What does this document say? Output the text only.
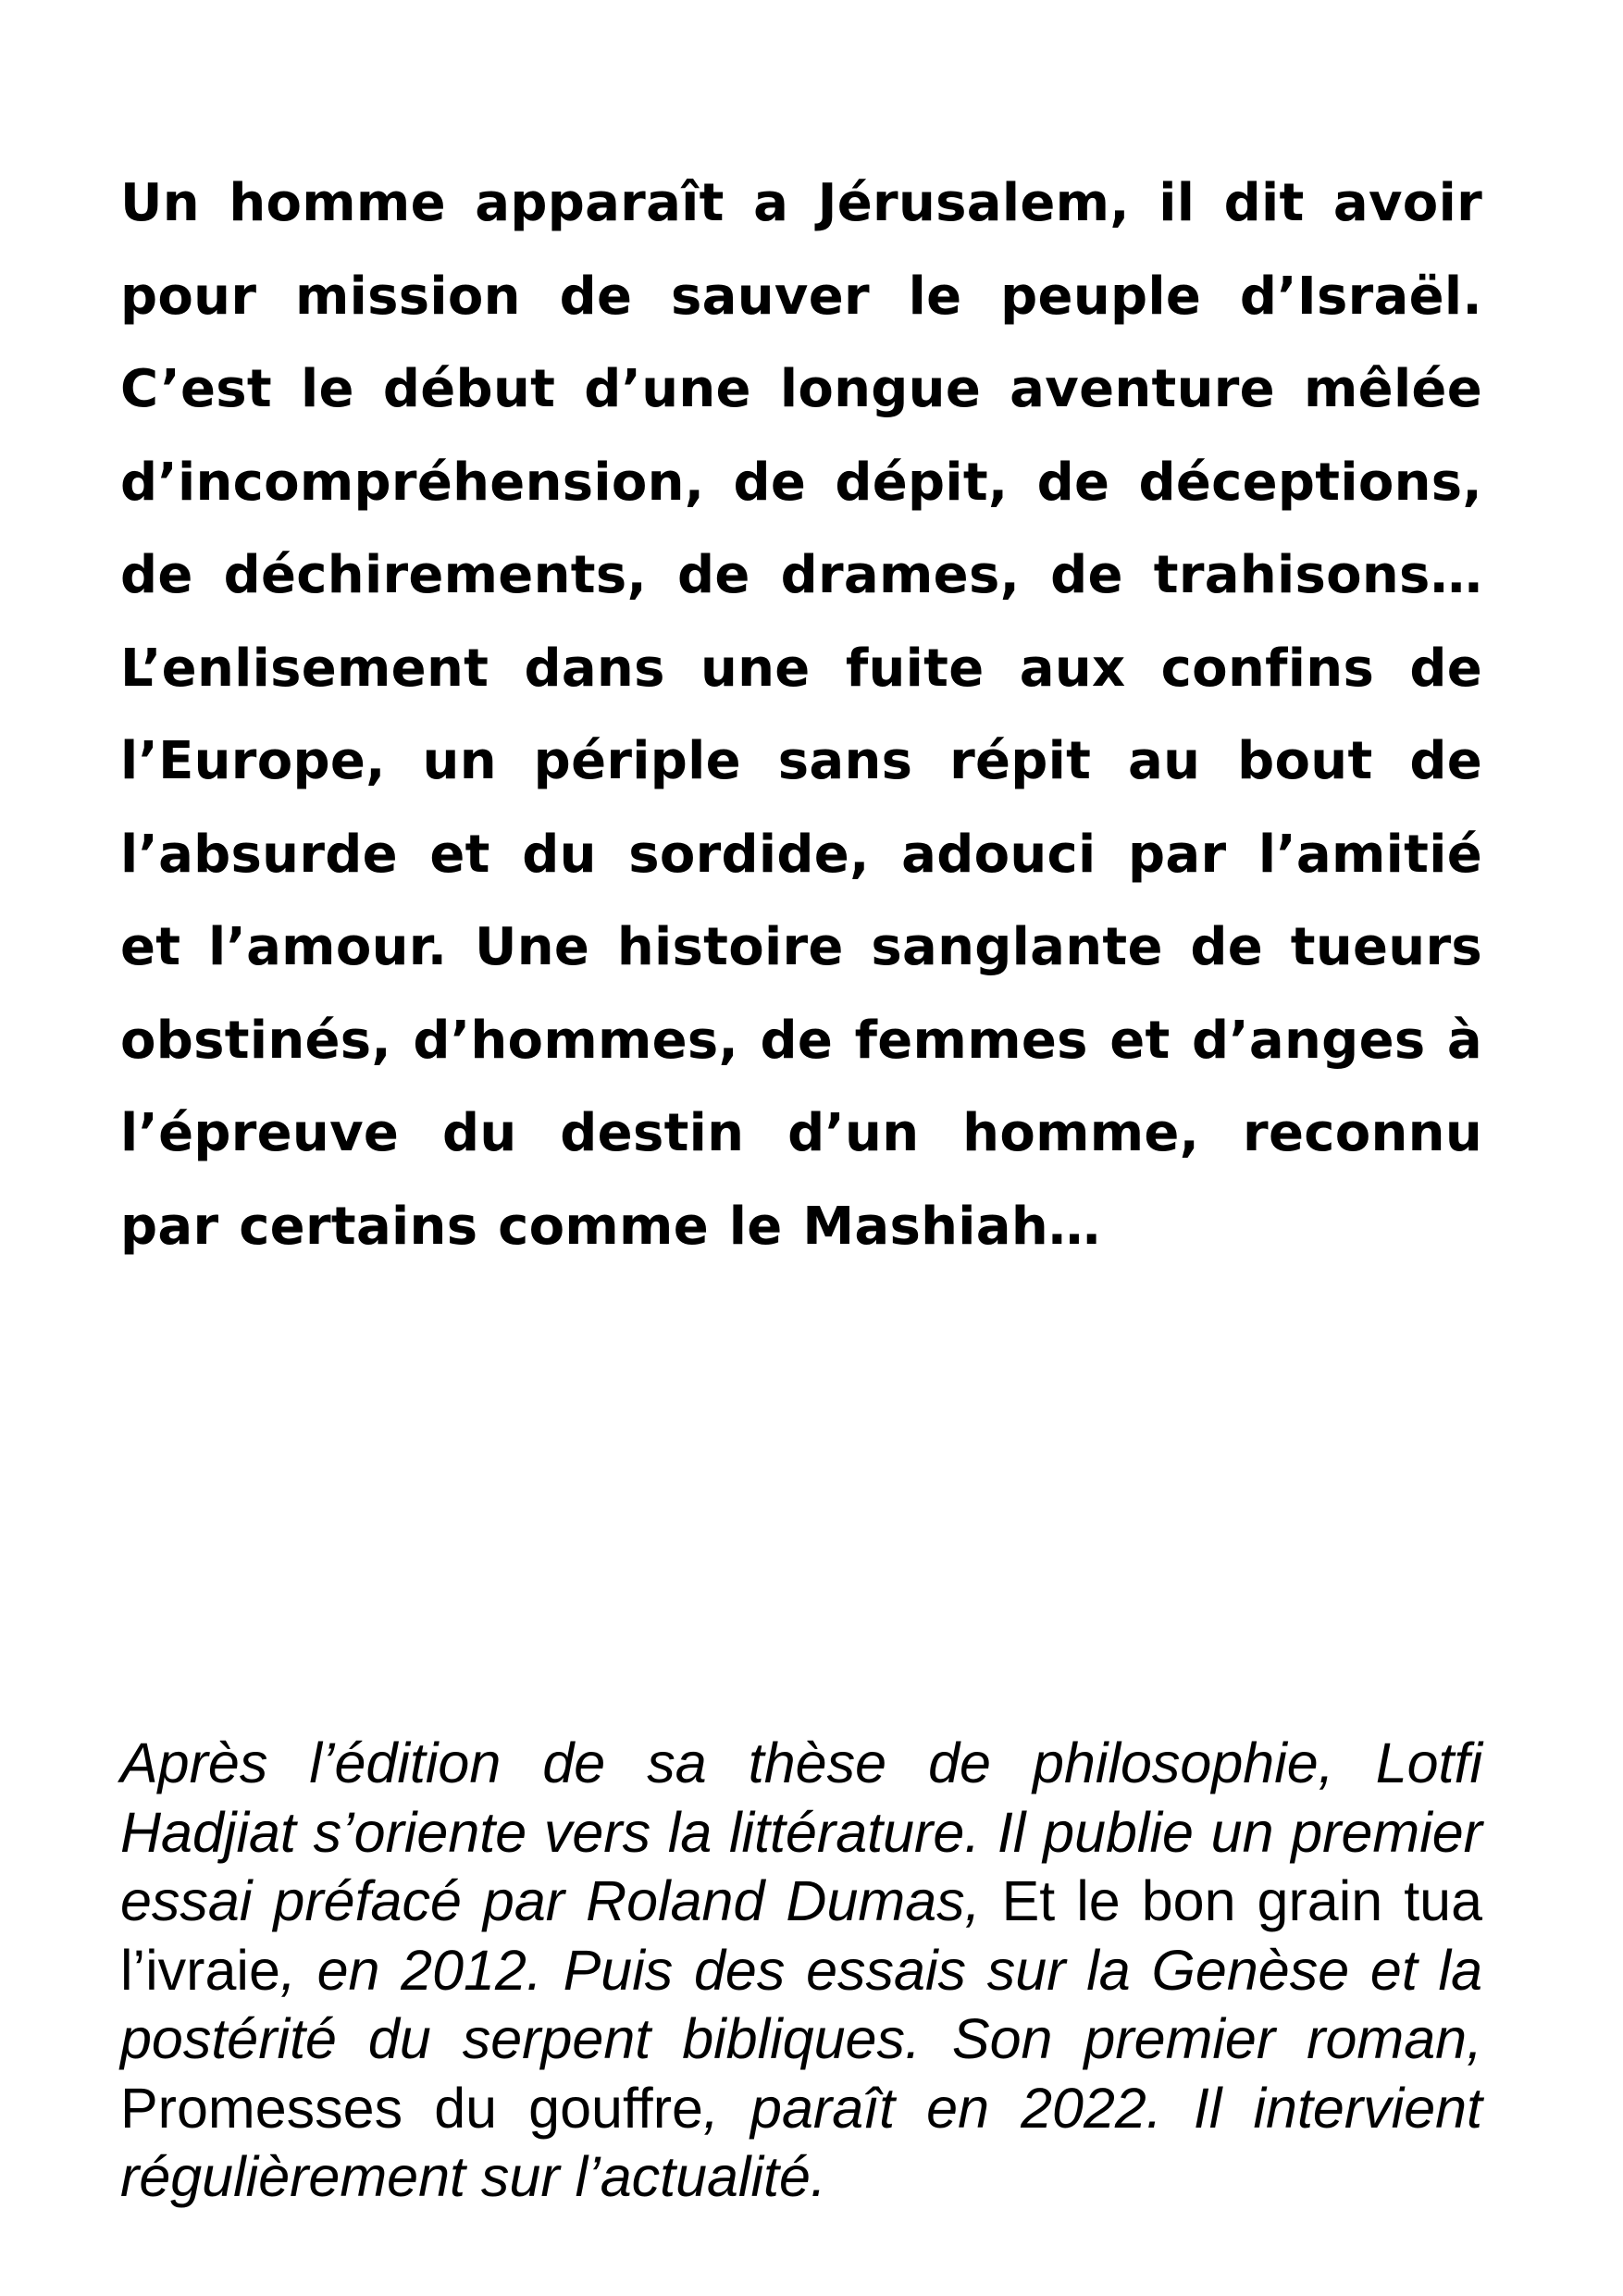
Un homme apparaît a Jérusalem, il dit avoir pour mission de sauver le peuple d’Israël. C’est le début d’une longue aventure mêlée d’incompréhension, de dépit, de déceptions, de déchirements, de drames, de trahisons… L’enlisement dans une fuite aux confins de l’Europe, un périple sans répit au bout de l’absurde et du sordide, adouci par l’amitié et l’amour. Une histoire sanglante de tueurs obstinés, d’hommes, de femmes et d’anges à l’épreuve du destin d’un homme, reconnu par certains comme le Mashiah…

Après l’édition de sa thèse de philosophie, Lotfi Hadjiat s’oriente vers la littérature. Il publie un premier essai préfacé par Roland Dumas, Et le bon grain tua l’ivraie, en 2012. Puis des essais sur la Genèse et la postérité du serpent bibliques. Son premier roman, Promesses du gouffre, paraît en 2022. Il intervient régulièrement sur l’actualité.
